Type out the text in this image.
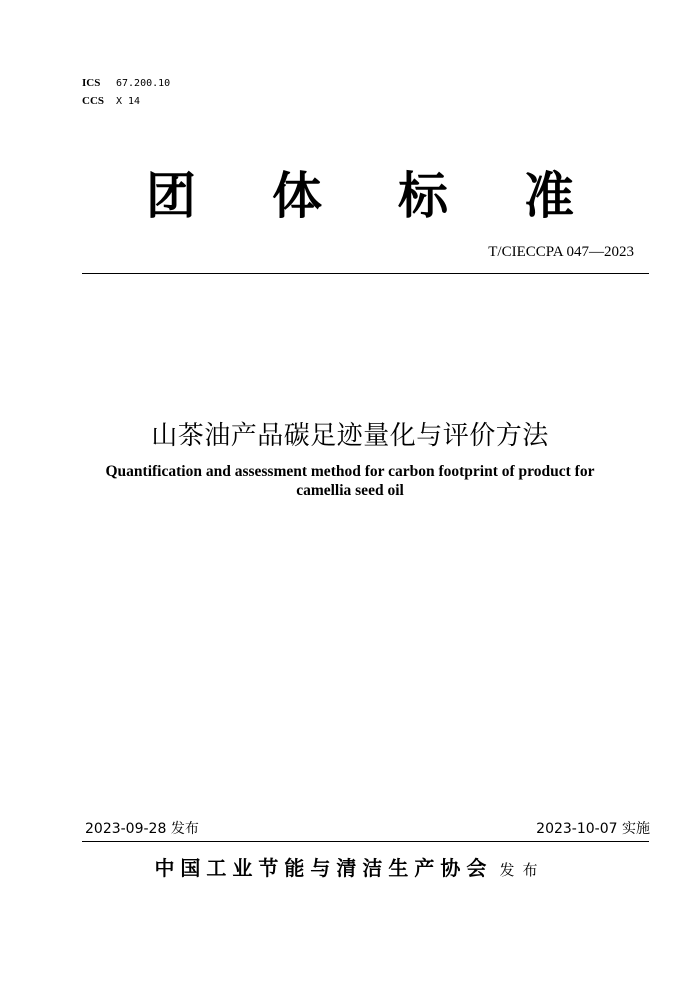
ICS 67.200.10
CCS X 14
团 体 标 准
T/CIECCPA 047—2023
山茶油产品碳足迹量化与评价方法
Quantification and assessment method for carbon footprint of product for camellia seed oil
2023-09-28 发布	2023-10-07 实施
中国工业节能与清洁生产协会 发布
